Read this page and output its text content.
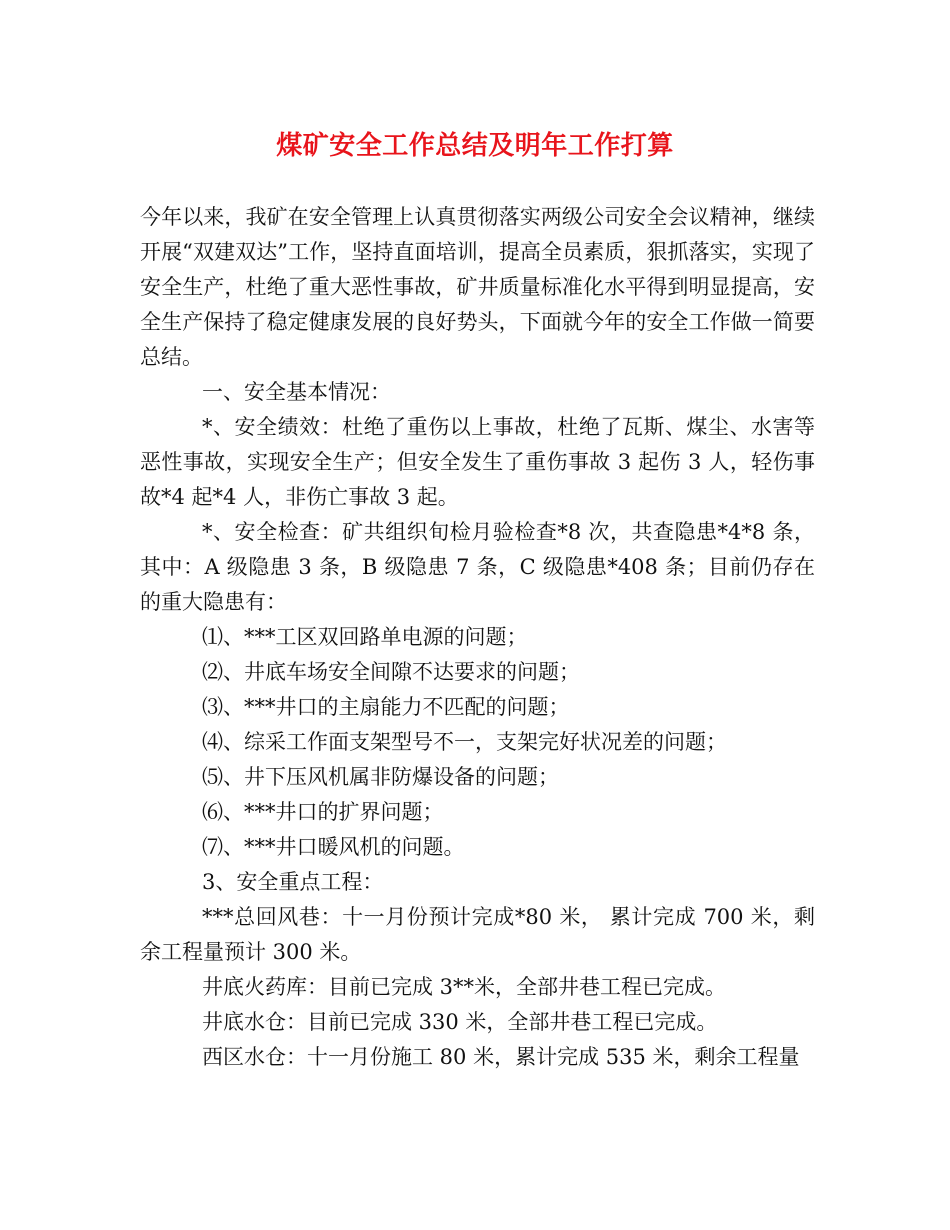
煤矿安全工作总结及明年工作打算

今年以来，我矿在安全管理上认真贯彻落实两级公司安全会议精神，继续开展“双建双达”工作，坚持直面培训，提高全员素质，狠抓落实，实现了安全生产，杜绝了重大恶性事故，矿井质量标准化水平得到明显提高，安全生产保持了稳定健康发展的良好势头，下面就今年的安全工作做一简要总结。

一、安全基本情况：

*、安全绩效：杜绝了重伤以上事故，杜绝了瓦斯、煤尘、水害等恶性事故，实现安全生产；但安全发生了重伤事故 3 起伤 3 人，轻伤事故*4 起*4 人，非伤亡事故 3 起。

*、安全检查：矿共组织旬检月验检查*8 次，共查隐患*4*8 条，其中：A 级隐患 3 条，B 级隐患 7 条，C 级隐患*408 条；目前仍存在的重大隐患有：

⑴、***工区双回路单电源的问题；

⑵、井底车场安全间隙不达要求的问题；

⑶、***井口的主扇能力不匹配的问题；

⑷、综采工作面支架型号不一，支架完好状况差的问题；

⑸、井下压风机属非防爆设备的问题；

⑹、***井口的扩界问题；

⑺、***井口暖风机的问题。

3、安全重点工程：

***总回风巷：十一月份预计完成*80 米， 累计完成 700 米，剩余工程量预计 300 米。

井底火药库：目前已完成 3**米，全部井巷工程已完成。

井底水仓：目前已完成 330 米，全部井巷工程已完成。

西区水仓：十一月份施工 80 米，累计完成 535 米，剩余工程量
